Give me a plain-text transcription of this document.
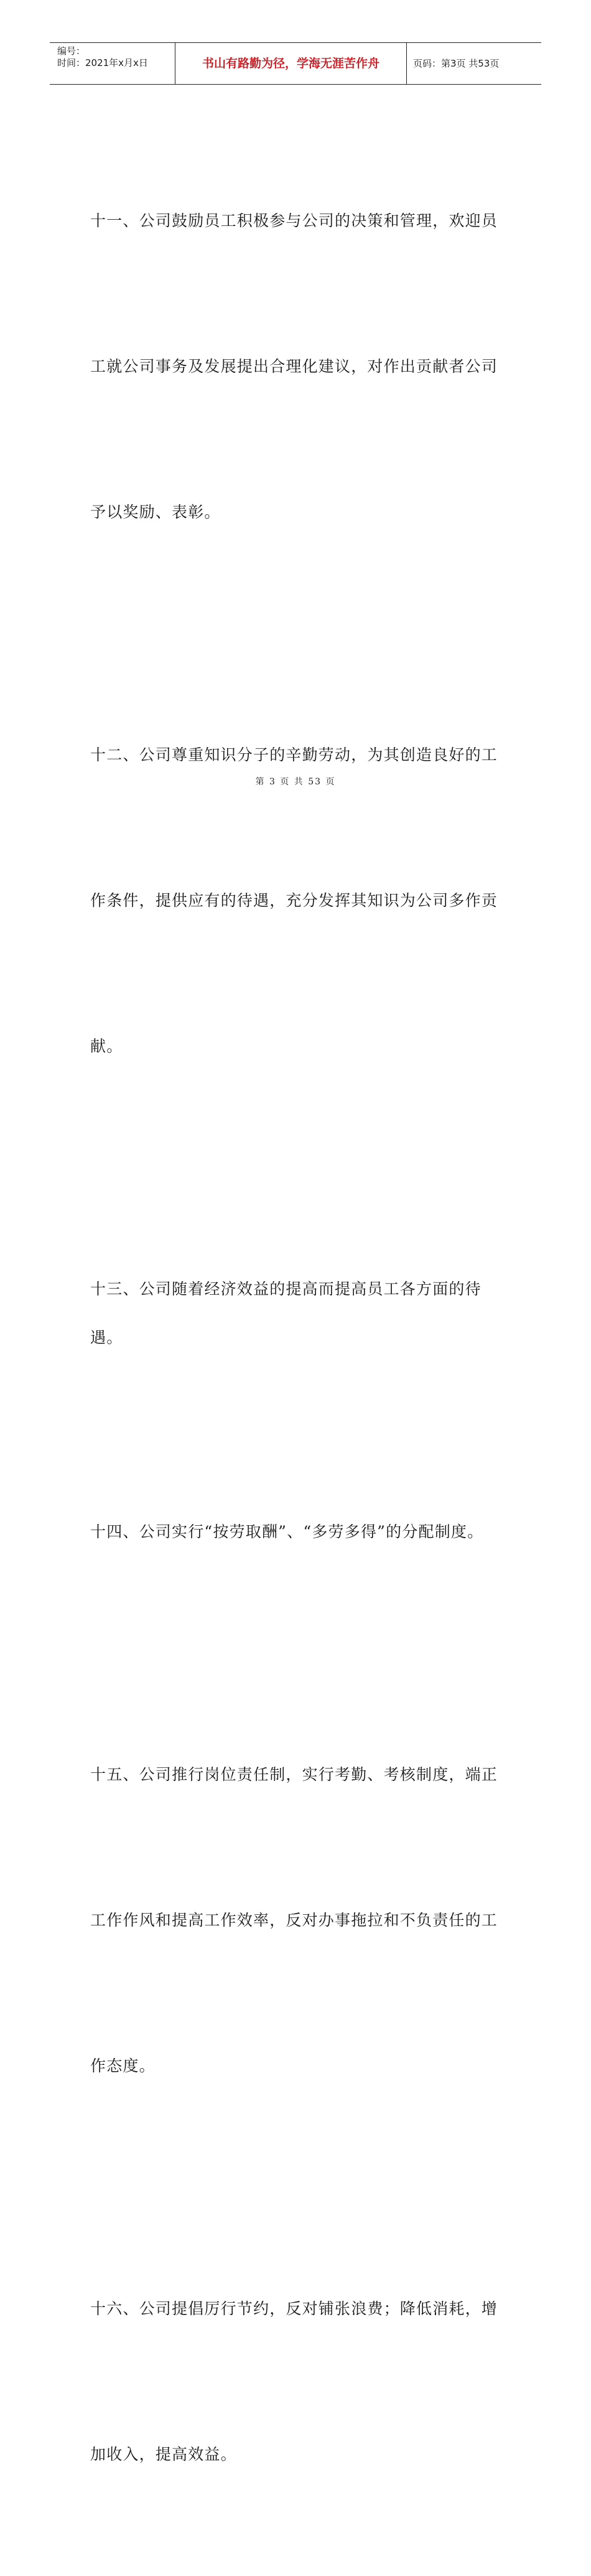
编号：
时间：2021年x月x日	书山有路勤为径，学海无涯苦作舟	页码：第3页 共53页

十一、公司鼓励员工积极参与公司的决策和管理，欢迎员

工就公司事务及发展提出合理化建议，对作出贡献者公司

予以奖励、表彰。

十二、公司尊重知识分子的辛勤劳动，为其创造良好的工

作条件，提供应有的待遇，充分发挥其知识为公司多作贡

献。

十三、公司随着经济效益的提高而提高员工各方面的待遇。

十四、公司实行“按劳取酬”、“多劳多得”的分配制度。

十五、公司推行岗位责任制，实行考勤、考核制度，端正

工作作风和提高工作效率，反对办事拖拉和不负责任的工

作态度。

十六、公司提倡厉行节约，反对铺张浪费；降低消耗，增

加收入，提高效益。

第 3 页 共 53 页
